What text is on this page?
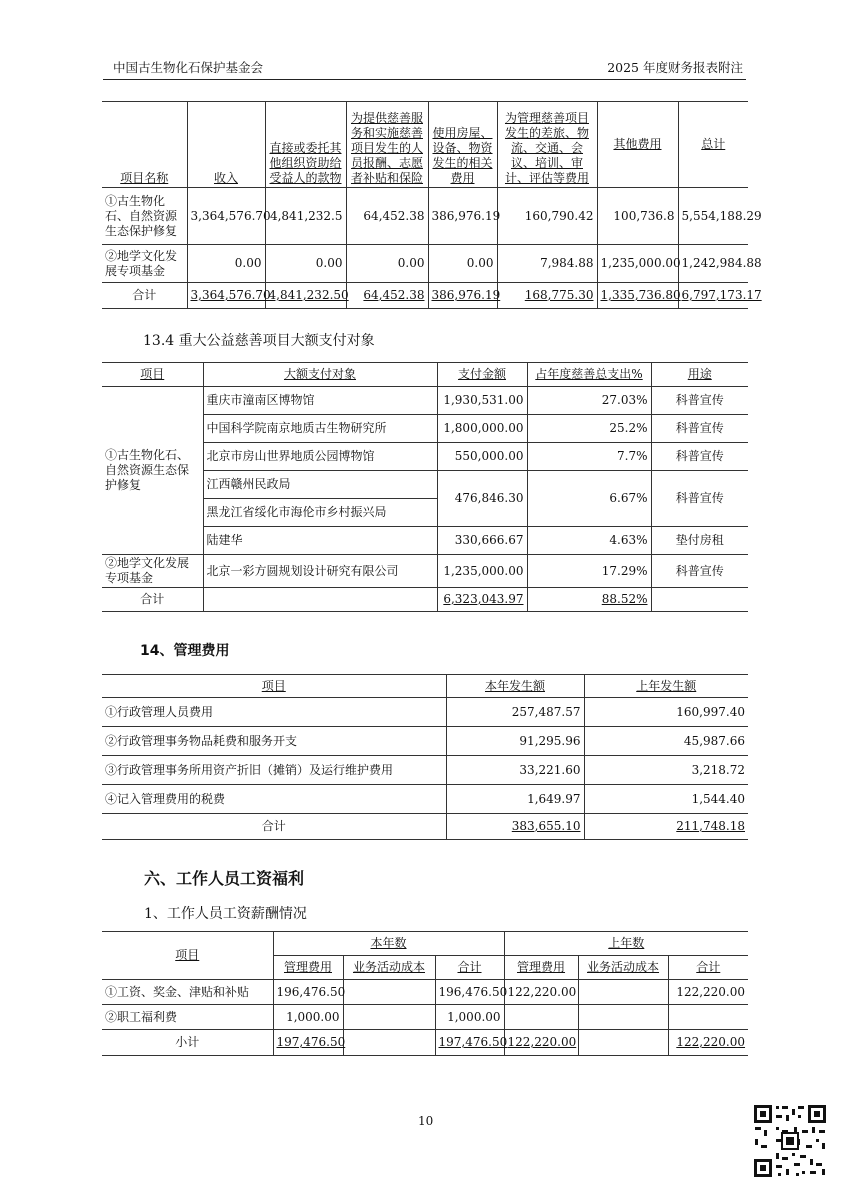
中国古生物化石保护基金会	2025 年度财务报表附注
项目名称	收入	直接或委托其他组织资助给受益人的款物	为提供慈善服务和实施慈善项目发生的人员报酬、志愿者补贴和保险	使用房屋、设备、物资发生的相关费用	为管理慈善项目发生的差旅、物流、交通、会议、培训、审计、评估等费用	其他费用	总计
①古生物化石、自然资源生态保护修复	3,364,576.70	4,841,232.5	64,452.38	386,976.19	160,790.42	100,736.8	5,554,188.29
②地学文化发展专项基金	0.00	0.00	0.00	0.00	7,984.88	1,235,000.00	1,242,984.88
合计	3,364,576.70	4,841,232.50	64,452.38	386,976.19	168,775.30	1,335,736.80	6,797,173.17
13.4 重大公益慈善项目大额支付对象
项目	大额支付对象	支付金额	占年度慈善总支出%	用途
①古生物化石、自然资源生态保护修复	重庆市潼南区博物馆	1,930,531.00	27.03%	科普宣传
	中国科学院南京地质古生物研究所	1,800,000.00	25.2%	科普宣传
	北京市房山世界地质公园博物馆	550,000.00	7.7%	科普宣传
	江西赣州民政局	476,846.30	6.67%	科普宣传
	黑龙江省绥化市海伦市乡村振兴局			
	陆建华	330,666.67	4.63%	垫付房租
②地学文化发展专项基金	北京一彩方圆规划设计研究有限公司	1,235,000.00	17.29%	科普宣传
合计		6,323,043.97	88.52%	
14、管理费用
项目	本年发生额	上年发生额
①行政管理人员费用	257,487.57	160,997.40
②行政管理事务物品耗费和服务开支	91,295.96	45,987.66
③行政管理事务所用资产折旧（摊销）及运行维护费用	33,221.60	3,218.72
④记入管理费用的税费	1,649.97	1,544.40
合计	383,655.10	211,748.18
六、工作人员工资福利
1、工作人员工资薪酬情况
项目	本年数			上年数		
	管理费用	业务活动成本	合计	管理费用	业务活动成本	合计
①工资、奖金、津贴和补贴	196,476.50		196,476.50	122,220.00		122,220.00
②职工福利费	1,000.00		1,000.00			
小计	197,476.50		197,476.50	122,220.00		122,220.00
10
